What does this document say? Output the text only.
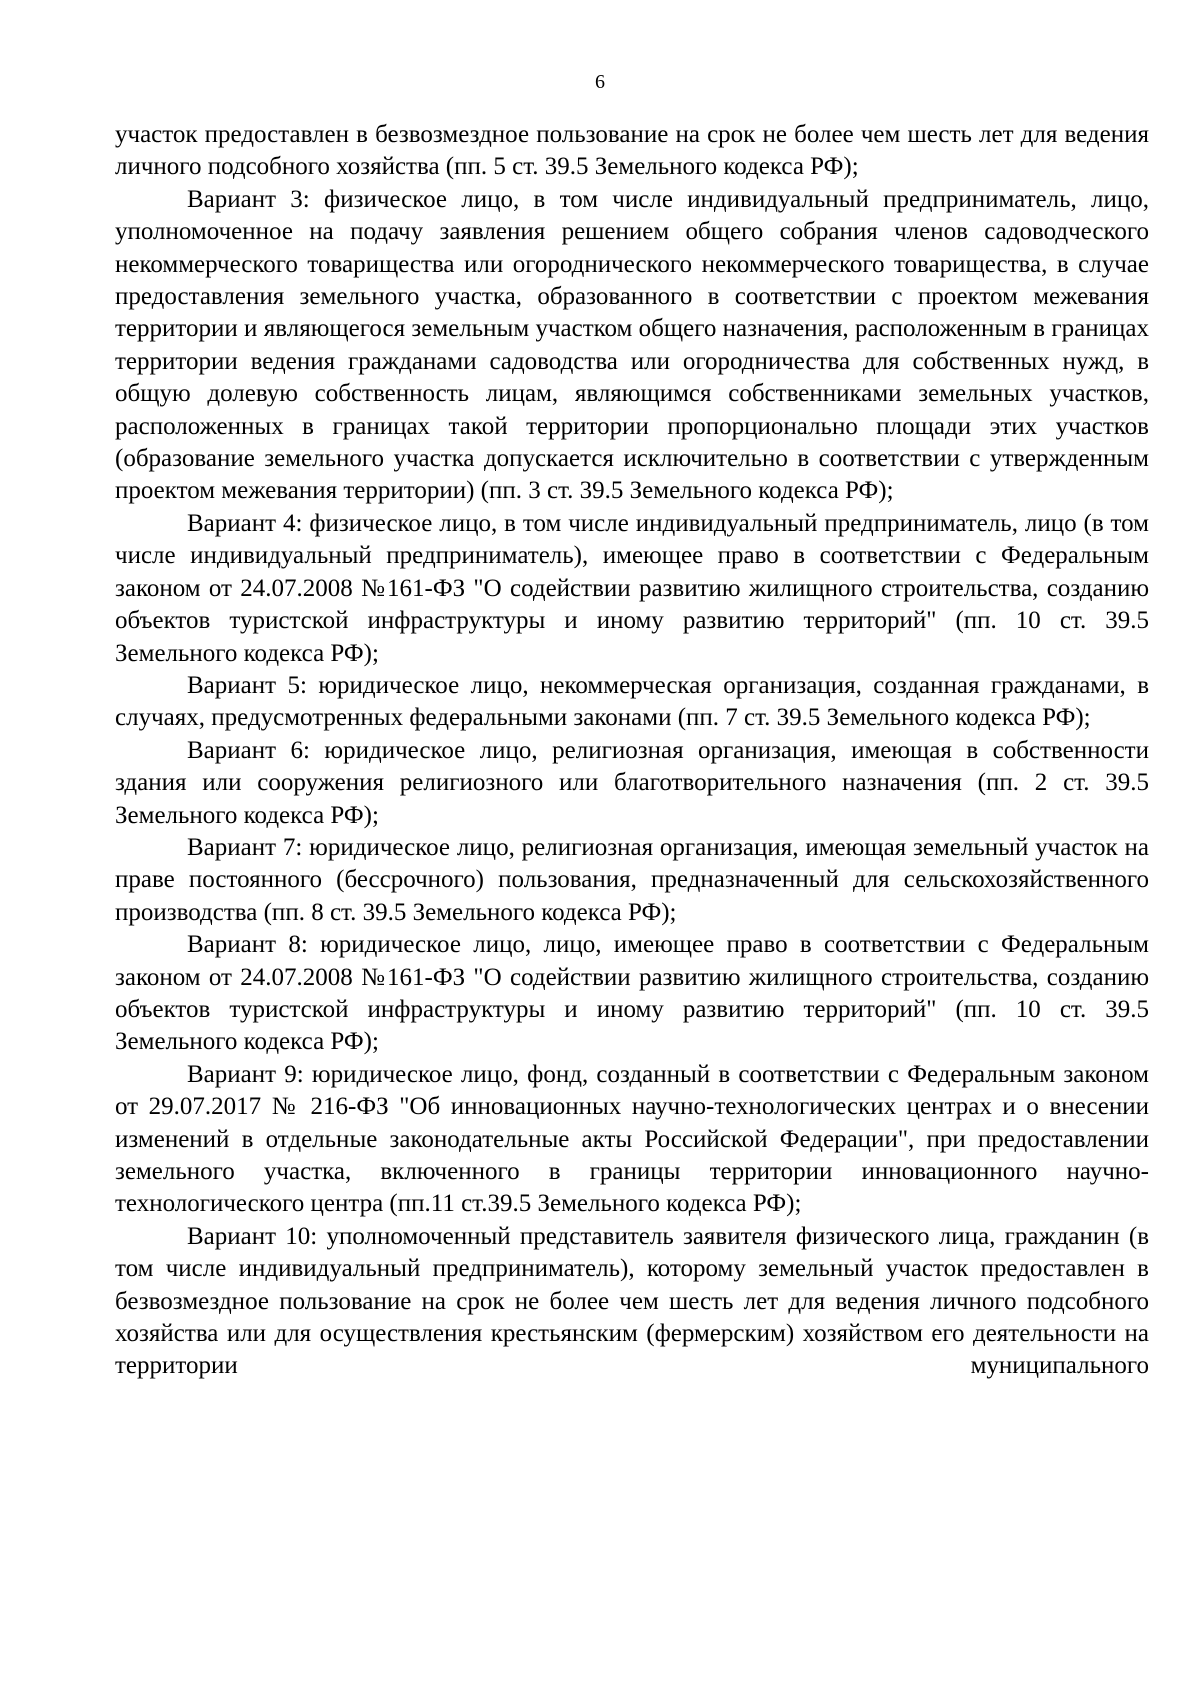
6

участок предоставлен в безвозмездное пользование на срок не более чем шесть лет для ведения личного подсобного хозяйства (пп. 5 ст. 39.5 Земельного кодекса РФ);

Вариант 3: физическое лицо, в том числе индивидуальный предприниматель, лицо, уполномоченное на подачу заявления решением общего собрания членов садоводческого некоммерческого товарищества или огороднического некоммерческого товарищества, в случае предоставления земельного участка, образованного в соответствии с проектом межевания территории и являющегося земельным участком общего назначения, расположенным в границах территории ведения гражданами садоводства или огородничества для собственных нужд, в общую долевую собственность лицам, являющимся собственниками земельных участков, расположенных в границах такой территории пропорционально площади этих участков (образование земельного участка допускается исключительно в соответствии с утвержденным проектом межевания территории) (пп. 3 ст. 39.5 Земельного кодекса РФ);

Вариант 4: физическое лицо, в том числе индивидуальный предприниматель, лицо (в том числе индивидуальный предприниматель), имеющее право в соответствии с Федеральным законом от 24.07.2008 №161-ФЗ "О содействии развитию жилищного строительства, созданию объектов туристской инфраструктуры и иному развитию территорий" (пп. 10 ст. 39.5 Земельного кодекса РФ);

Вариант 5: юридическое лицо, некоммерческая организация, созданная гражданами, в случаях, предусмотренных федеральными законами (пп. 7 ст. 39.5 Земельного кодекса РФ);

Вариант 6: юридическое лицо, религиозная организация, имеющая в собственности здания или сооружения религиозного или благотворительного назначения (пп. 2 ст. 39.5 Земельного кодекса РФ);

Вариант 7: юридическое лицо, религиозная организация, имеющая земельный участок на праве постоянного (бессрочного) пользования, предназначенный для сельскохозяйственного производства (пп. 8 ст. 39.5 Земельного кодекса РФ);

Вариант 8: юридическое лицо, лицо, имеющее право в соответствии с Федеральным законом от 24.07.2008 №161-ФЗ "О содействии развитию жилищного строительства, созданию объектов туристской инфраструктуры и иному развитию территорий" (пп. 10 ст. 39.5 Земельного кодекса РФ);

Вариант 9: юридическое лицо, фонд, созданный в соответствии с Федеральным законом от 29.07.2017 № 216-ФЗ "Об инновационных научно-технологических центрах и о внесении изменений в отдельные законодательные акты Российской Федерации", при предоставлении земельного участка, включенного в границы территории инновационного научно-технологического центра (пп.11 ст.39.5 Земельного кодекса РФ);

Вариант 10: уполномоченный представитель заявителя физического лица, гражданин (в том числе индивидуальный предприниматель), которому земельный участок предоставлен в безвозмездное пользование на срок не более чем шесть лет для ведения личного подсобного хозяйства или для осуществления крестьянским (фермерским) хозяйством его деятельности на территории муниципального
